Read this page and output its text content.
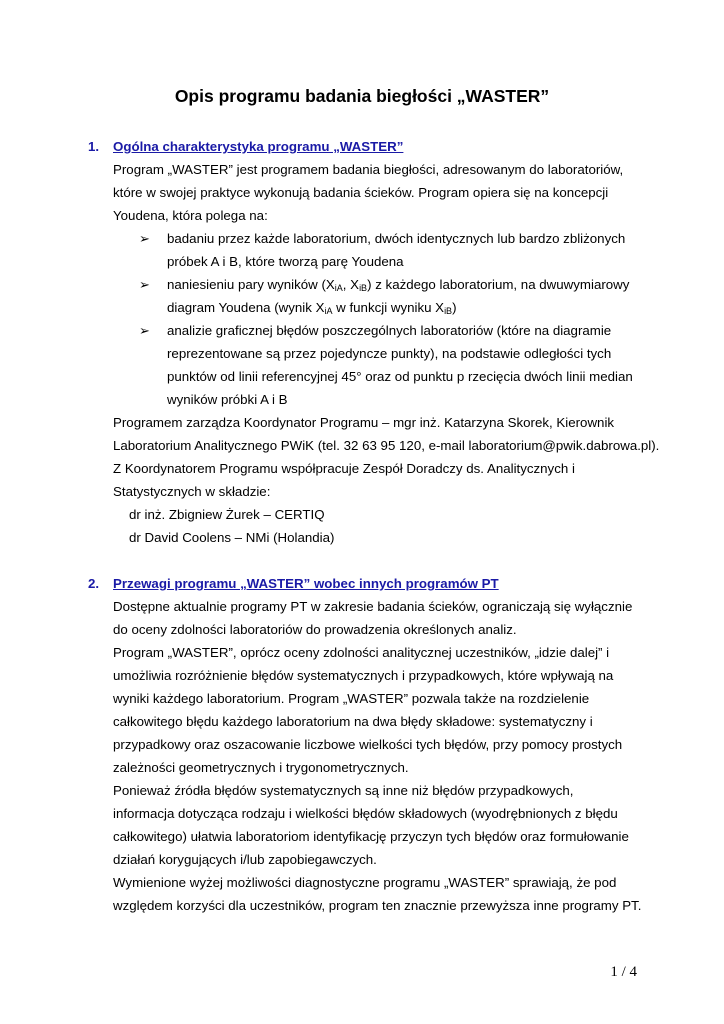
Opis programu badania biegłości „WASTER”
1. Ogólna charakterystyka programu „WASTER”
Program „WASTER” jest programem badania biegłości, adresowanym do laboratoriów,
które w swojej praktyce wykonują badania ścieków. Program opiera się na koncepcji
Youdena, która polega na:
➢ badaniu przez każde laboratorium, dwóch identycznych lub bardzo zbliżonych
próbek A i B, które tworzą parę Youdena
➢ naniesieniu pary wyników ($X_{iA}$, $X_{iB}$) z każdego laboratorium, na dwuwymiarowy
diagram Youdena (wynik $X_{iA}$ w funkcji wyniku $X_{iB}$)
➢ analizie graficznej błędów poszczególnych laboratoriów (które na diagramie
reprezentowane są przez pojedyncze punkty), na podstawie odległości tych
punktów od linii referencyjnej 45° oraz od punktu p rzecięcia dwóch linii median
wyników próbki A i B
Programem zarządza Koordynator Programu – mgr inż. Katarzyna Skorek, Kierownik
Laboratorium Analitycznego PWiK (tel. 32 63 95 120, e-mail laboratorium@pwik.dabrowa.pl).
Z Koordynatorem Programu współpracuje Zespół Doradczy ds. Analitycznych i
Statystycznych w składzie:
dr inż. Zbigniew Żurek – CERTIQ
dr David Coolens – NMi (Holandia)
2. Przewagi programu „WASTER” wobec innych programów PT
Dostępne aktualnie programy PT w zakresie badania ścieków, ograniczają się wyłącznie
do oceny zdolności laboratoriów do prowadzenia określonych analiz.
Program „WASTER”, oprócz oceny zdolności analitycznej uczestników, „idzie dalej” i
umożliwia rozróżnienie błędów systematycznych i przypadkowych, które wpływają na
wyniki każdego laboratorium. Program „WASTER” pozwala także na rozdzielenie
całkowitego błędu każdego laboratorium na dwa błędy składowe: systematyczny i
przypadkowy oraz oszacowanie liczbowe wielkości tych błędów, przy pomocy prostych
zależności geometrycznych i trygonometrycznych.
Ponieważ źródła błędów systematycznych są inne niż błędów przypadkowych,
informacja dotycząca rodzaju i wielkości błędów składowych (wyodrębnionych z błędu
całkowitego) ułatwia laboratoriom identyfikację przyczyn tych błędów oraz formułowanie
działań korygujących i/lub zapobiegawczych.
Wymienione wyżej możliwości diagnostyczne programu „WASTER” sprawiają, że pod
względem korzyści dla uczestników, program ten znacznie przewyższa inne programy PT.
1 / 4
